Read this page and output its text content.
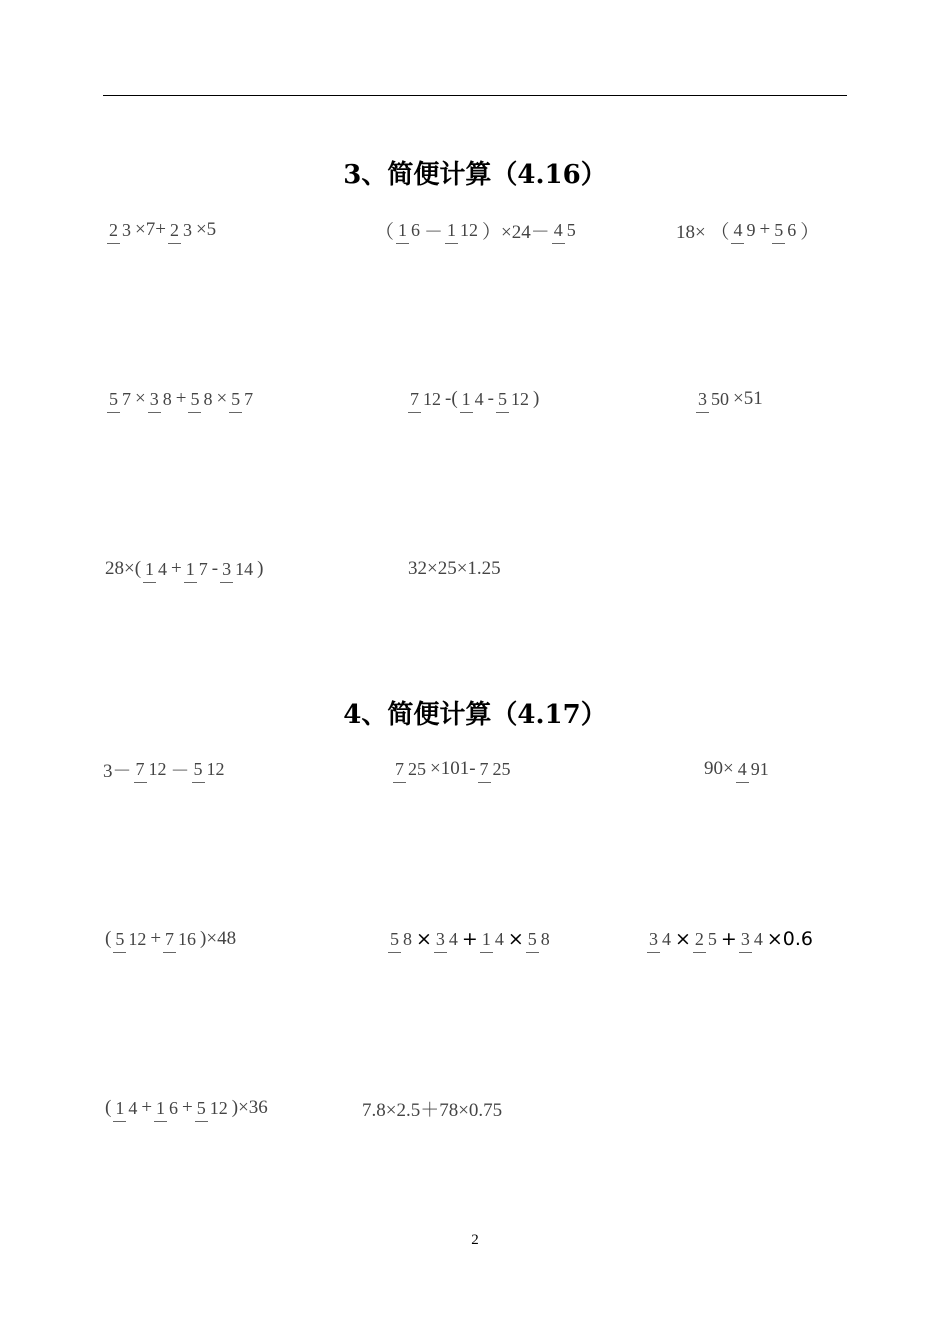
3、简便计算（4.16）
2 3 ×7+ 2 3 ×5	（ 1 6 － 1 12 ）×24－ 4 5	18× （ 4 9 + 5 6 ）
5 7 × 3 8 + 5 8 × 5 7	7 12 -( 1 4 - 5 12 )	3 50 ×51
28×( 1 4 + 1 7 - 3 14 )	32×25×1.25
4、简便计算（4.17）
3－ 7 12 － 5 12	7 25 ×101- 7 25	90× 4 91
( 5 12 + 7 16 )×48	5 8 × 3 4 + 1 4 × 5 8	3 4 × 2 5 + 3 4 ×0.6
( 1 4 + 1 6 + 5 12 )×36	7.8×2.5＋78×0.75
2
